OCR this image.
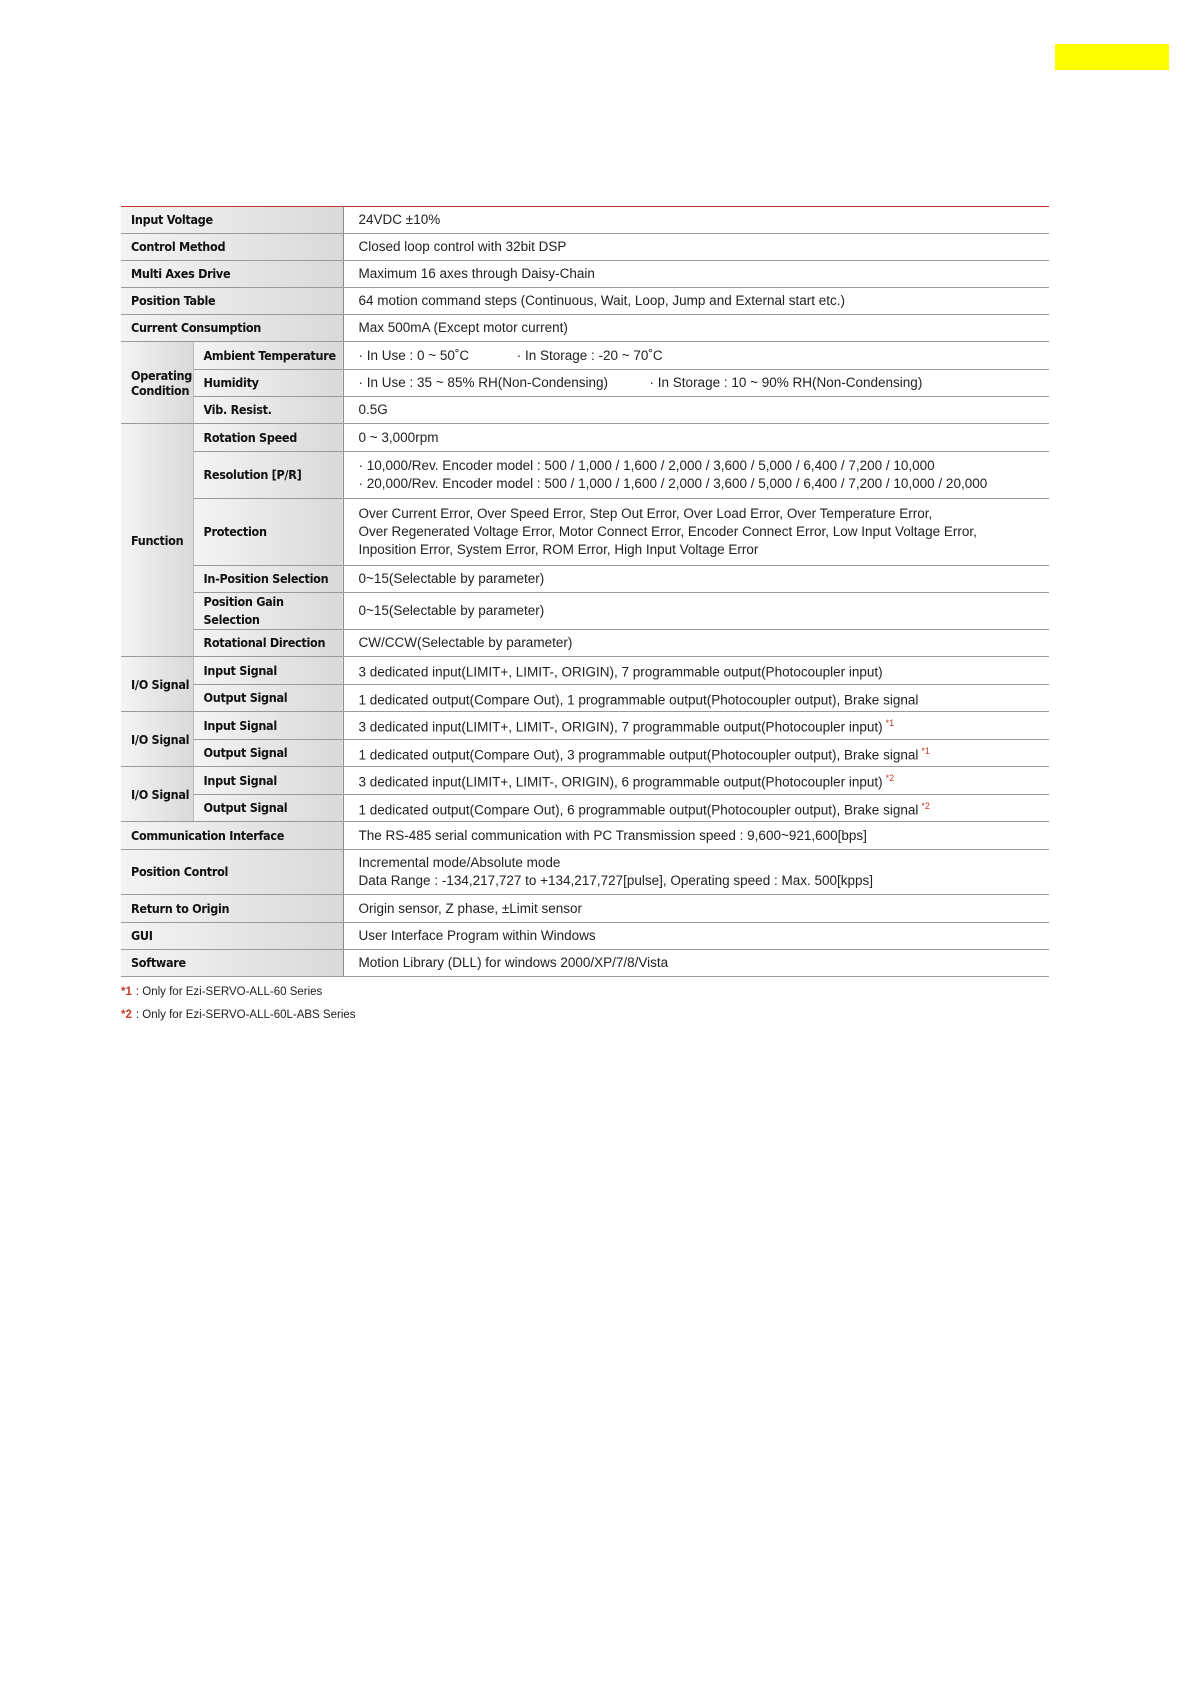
Input Voltage		24VDC ±10%
Control Method		Closed loop control with 32bit DSP
Multi Axes Drive		Maximum 16 axes through Daisy-Chain
Position Table		64 motion command steps (Continuous, Wait, Loop, Jump and External start etc.)
Current Consumption		Max 500mA (Except motor current)

Operating
Condition	Ambient Temperature	· In Use : 0 ~ 50˚C · In Storage : -20 ~ 70˚C
	Humidity	· In Use : 35 ~ 85% RH(Non-Condensing) · In Storage : 10 ~ 90% RH(Non-Condensing)
	Vib. Resist.	0.5G
Function	Rotation Speed	0 ~ 3,000rpm
	Resolution [P/R]	· 10,000/Rev. Encoder model : 500 / 1,000 / 1,600 / 2,000 / 3,600 / 5,000 / 6,400 / 7,200 / 10,000
· 20,000/Rev. Encoder model : 500 / 1,000 / 1,600 / 2,000 / 3,600 / 5,000 / 6,400 / 7,200 / 10,000 / 20,000

	Protection	Over Current Error, Over Speed Error, Step Out Error, Over Load Error, Over Temperature Error,
Over Regenerated Voltage Error, Motor Connect Error, Encoder Connect Error, Low Input Voltage Error,
Inposition Error, System Error, ROM Error, High Input Voltage Error

	In-Position Selection	0~15(Selectable by parameter)
	Position Gain Selection	0~15(Selectable by parameter)
	Rotational Direction	CW/CCW(Selectable by parameter)
I/O Signal	Input Signal	3 dedicated input(LIMIT+, LIMIT-, ORIGIN), 7 programmable output(Photocoupler input)
	Output Signal	1 dedicated output(Compare Out), 1 programmable output(Photocoupler output), Brake signal
I/O Signal	Input Signal	3 dedicated input(LIMIT+, LIMIT-, ORIGIN), 7 programmable output(Photocoupler input) $^{*1}$
	Output Signal	1 dedicated output(Compare Out), 3 programmable output(Photocoupler output), Brake signal $^{*1}$
I/O Signal	Input Signal	3 dedicated input(LIMIT+, LIMIT-, ORIGIN), 6 programmable output(Photocoupler input) $^{*2}$
	Output Signal	1 dedicated output(Compare Out), 6 programmable output(Photocoupler output), Brake signal $^{*2}$
Communication Interface		The RS-485 serial communication with PC Transmission speed : 9,600~921,600[bps]
Position Control		Incremental mode/Absolute mode
Data Range : -134,217,727 to +134,217,727[pulse], Operating speed : Max. 500[kpps]

Return to Origin		Origin sensor, Z phase, ±Limit sensor
GUI		User Interface Program within Windows
Software		Motion Library (DLL) for windows 2000/XP/7/8/Vista
*1 : Only for Ezi-SERVO-ALL-60 Series
*2 : Only for Ezi-SERVO-ALL-60L-ABS Series
